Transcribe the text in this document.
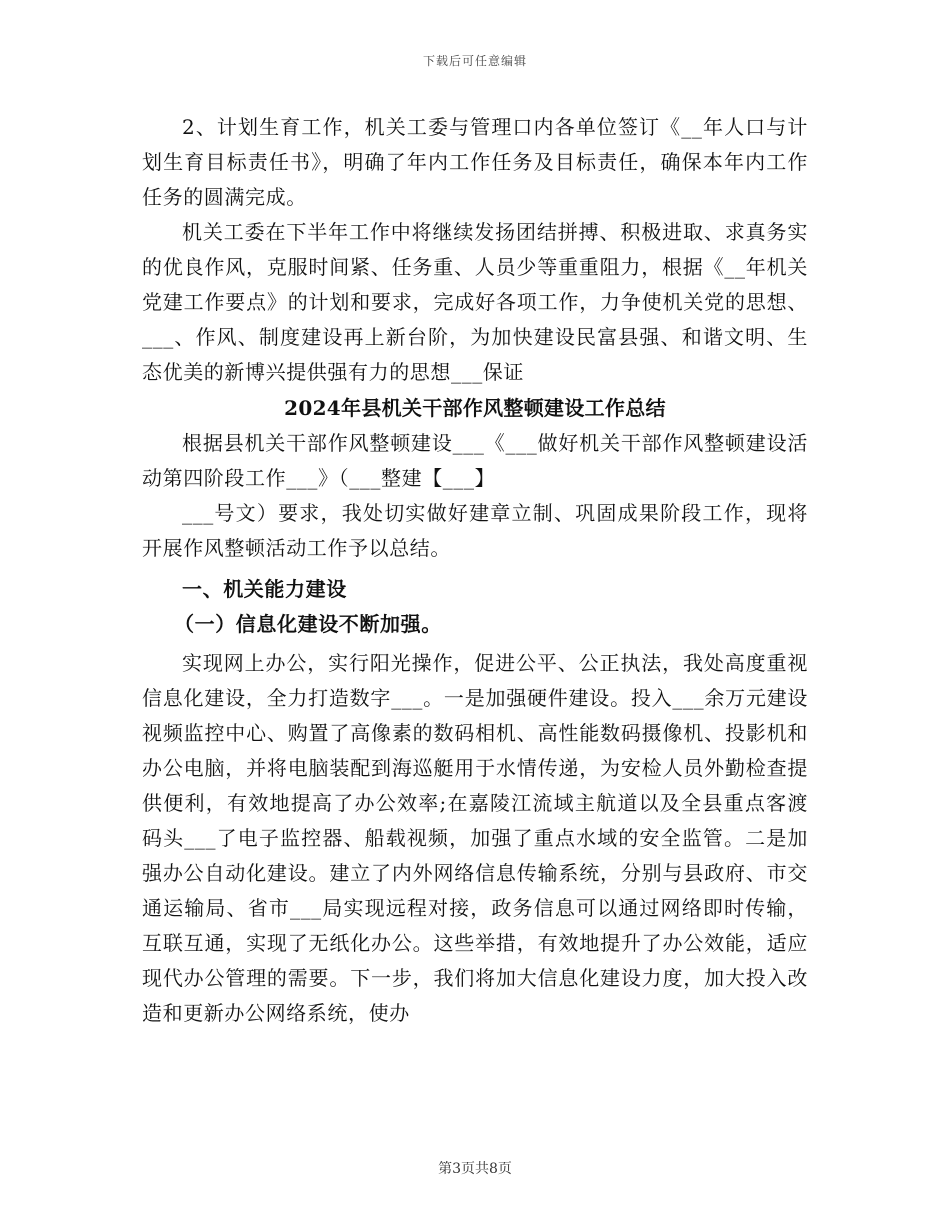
下载后可任意编辑

2、计划生育工作，机关工委与管理口内各单位签订《__年人口与计划生育目标责任书》，明确了年内工作任务及目标责任，确保本年内工作任务的圆满完成。

机关工委在下半年工作中将继续发扬团结拼搏、积极进取、求真务实的优良作风，克服时间紧、任务重、人员少等重重阻力，根据《__年机关党建工作要点》的计划和要求，完成好各项工作，力争使机关党的思想、___、作风、制度建设再上新台阶，为加快建设民富县强、和谐文明、生态优美的新博兴提供强有力的思想___保证

2024年县机关干部作风整顿建设工作总结

根据县机关干部作风整顿建设___《___做好机关干部作风整顿建设活动第四阶段工作___》（___整建【___】

___号文）要求，我处切实做好建章立制、巩固成果阶段工作，现将开展作风整顿活动工作予以总结。

一、机关能力建设
（一）信息化建设不断加强。

实现网上办公，实行阳光操作，促进公平、公正执法，我处高度重视信息化建设，全力打造数字___。一是加强硬件建设。投入___余万元建设视频监控中心、购置了高像素的数码相机、高性能数码摄像机、投影机和办公电脑，并将电脑装配到海巡艇用于水情传递，为安检人员外勤检查提供便利，有效地提高了办公效率;在嘉陵江流域主航道以及全县重点客渡码头___了电子监控器、船载视频，加强了重点水域的安全监管。二是加强办公自动化建设。建立了内外网络信息传输系统，分别与县政府、市交通运输局、省市___局实现远程对接，政务信息可以通过网络即时传输，互联互通，实现了无纸化办公。这些举措，有效地提升了办公效能，适应现代办公管理的需要。下一步，我们将加大信息化建设力度，加大投入改造和更新办公网络系统，使办

第3页共8页
